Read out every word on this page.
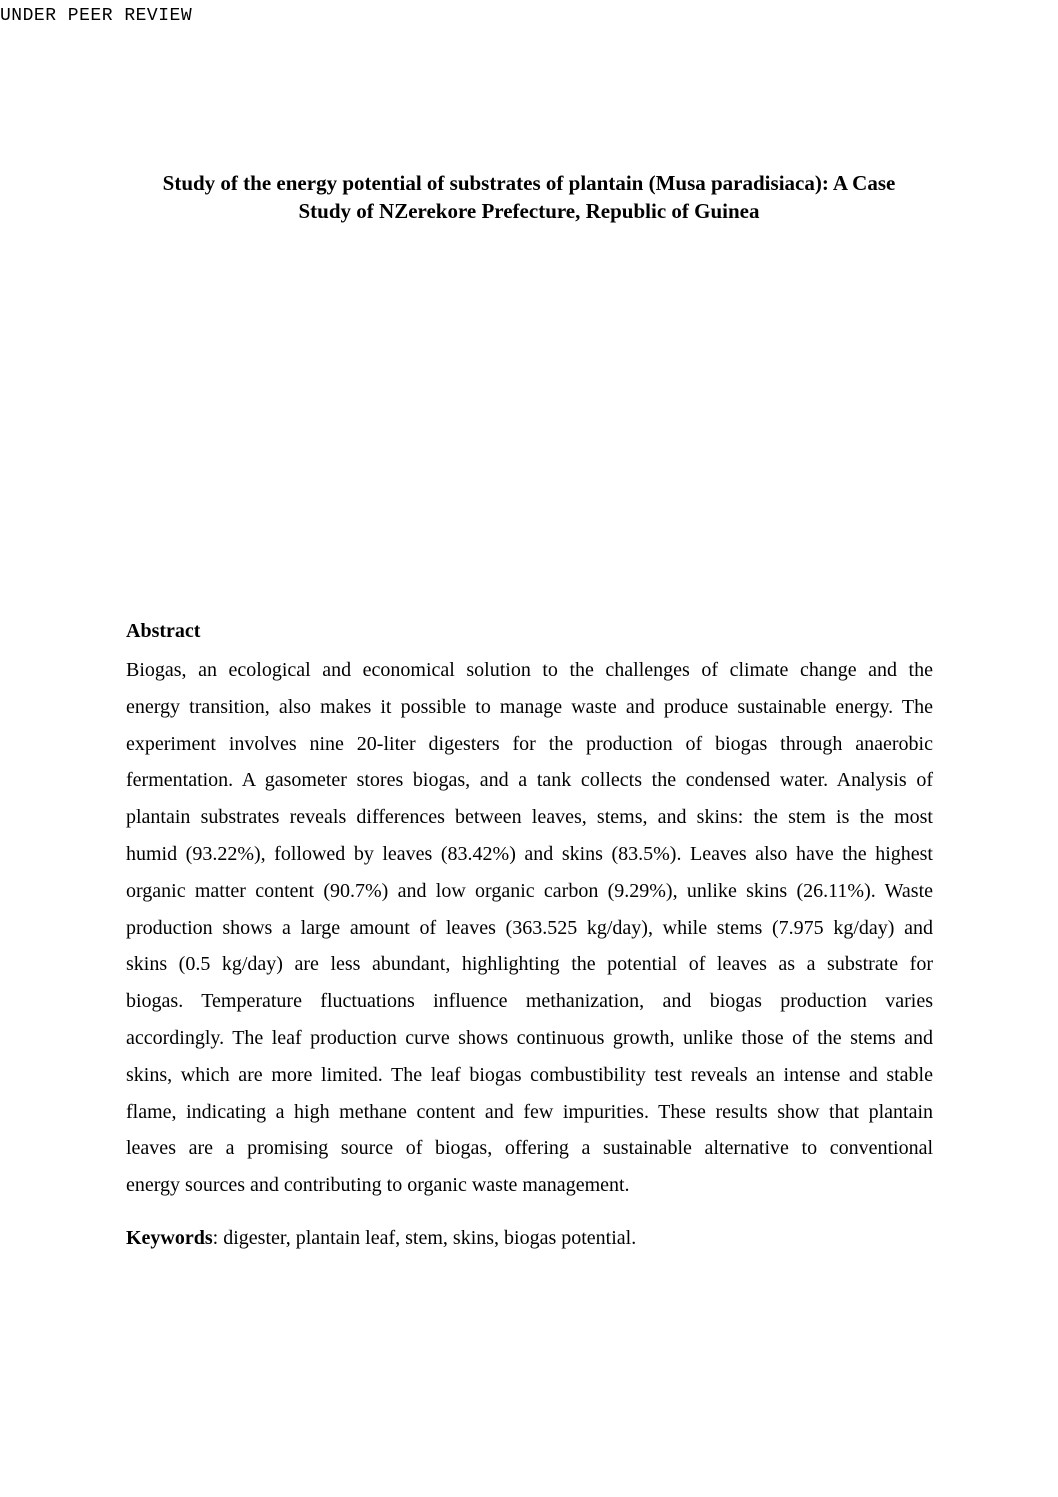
UNDER PEER REVIEW
Study of the energy potential of substrates of plantain (Musa paradisiaca): A Case
Study of NZerekore Prefecture, Republic of Guinea
Abstract
Biogas, an ecological and economical solution to the challenges of climate change and the
energy transition, also makes it possible to manage waste and produce sustainable energy. The
experiment involves nine 20-liter digesters for the production of biogas through anaerobic
fermentation. A gasometer stores biogas, and a tank collects the condensed water. Analysis of
plantain substrates reveals differences between leaves, stems, and skins: the stem is the most
humid (93.22%), followed by leaves (83.42%) and skins (83.5%). Leaves also have the highest
organic matter content (90.7%) and low organic carbon (9.29%), unlike skins (26.11%). Waste
production shows a large amount of leaves (363.525 kg/day), while stems (7.975 kg/day) and
skins (0.5 kg/day) are less abundant, highlighting the potential of leaves as a substrate for
biogas. Temperature fluctuations influence methanization, and biogas production varies
accordingly. The leaf production curve shows continuous growth, unlike those of the stems and
skins, which are more limited. The leaf biogas combustibility test reveals an intense and stable
flame, indicating a high methane content and few impurities. These results show that plantain
leaves are a promising source of biogas, offering a sustainable alternative to conventional
energy sources and contributing to organic waste management.
Keywords: digester, plantain leaf, stem, skins, biogas potential.
